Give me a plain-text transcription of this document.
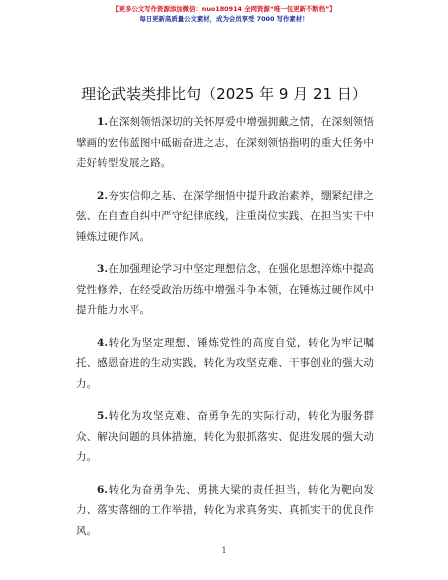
【更多公文写作资源添加微信：nuo180914 全网资源“唯一包更新不断档”】
每日更新高质量公文素材，成为会员享受 7000 写作素材！
理论武装类排比句（2025 年 9 月 21 日）

1.在深刻领悟深切的关怀厚爱中增强拥戴之情，在深刻领悟擘画的宏伟蓝图中砥砺奋进之志，在深刻领悟指明的重大任务中走好转型发展之路。

2.夯实信仰之基、在深学细悟中提升政治素养，绷紧纪律之弦、在自查自纠中严守纪律底线，注重岗位实践、在担当实干中锤炼过硬作风。

3.在加强理论学习中坚定理想信念，在强化思想淬炼中提高党性修养，在经受政治历练中增强斗争本领，在锤炼过硬作风中提升能力水平。

4.转化为坚定理想、锤炼党性的高度自觉，转化为牢记嘱托、感恩奋进的生动实践，转化为攻坚克难、干事创业的强大动力。

5.转化为攻坚克难、奋勇争先的实际行动，转化为服务群众、解决问题的具体措施，转化为狠抓落实、促进发展的强大动力。

6.转化为奋勇争先、勇挑大梁的责任担当，转化为靶向发力、落实落细的工作举措，转化为求真务实、真抓实干的优良作风。

1
